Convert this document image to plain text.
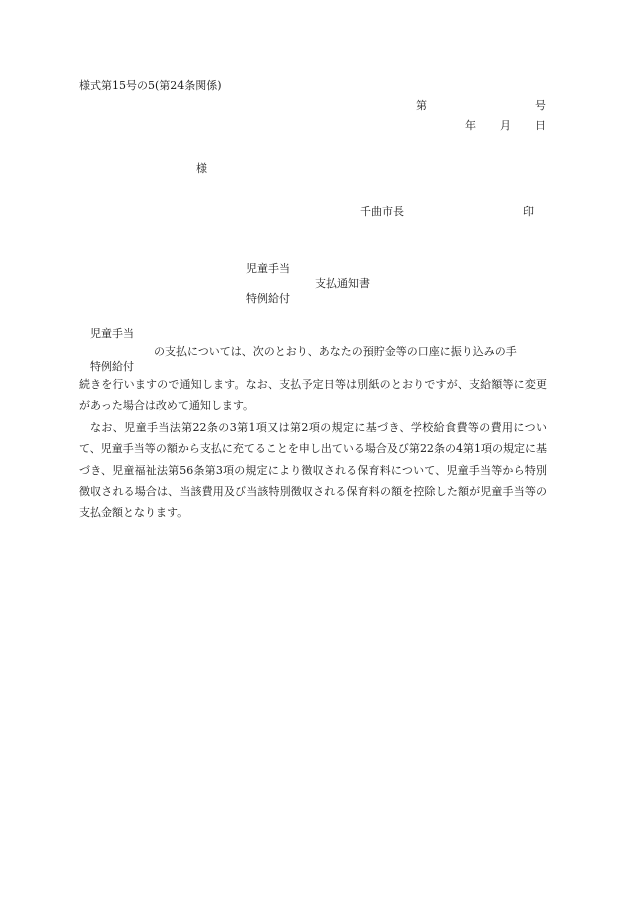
様式第15号の5(第24条関係)
第	号
年 月 日
様
千曲市長	印
児童手当
支払通知書
特例給付
児童手当
の支払については、次のとおり、あなたの預貯金等の口座に振り込みの手
特例給付
続きを行いますので通知します。なお、支払予定日等は別紙のとおりですが、支給額等に変更があった場合は改めて通知します。
なお、児童手当法第22条の3第1項又は第2項の規定に基づき、学校給食費等の費用について、児童手当等の額から支払に充てることを申し出ている場合及び第22条の4第1項の規定に基づき、児童福祉法第56条第3項の規定により徴収される保育料について、児童手当等から特別徴収される場合は、当該費用及び当該特別徴収される保育料の額を控除した額が児童手当等の支払金額となります。
